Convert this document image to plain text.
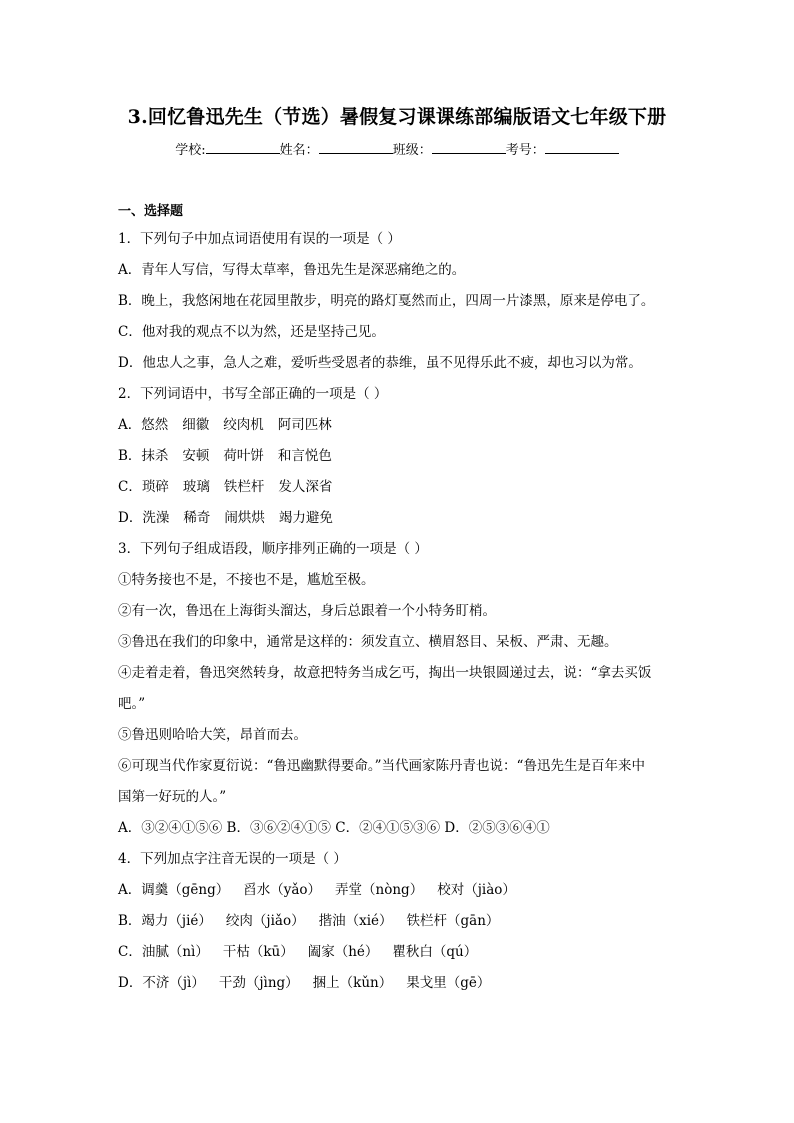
3.回忆鲁迅先生（节选）暑假复习课课练部编版语文七年级下册
学校:	姓名：	班级：	考号：
一、选择题
1．下列句子中加点词语使用有误的一项是（ ）
A．青年人写信，写得太草率，鲁迅先生是深恶痛绝之的。
B．晚上，我悠闲地在花园里散步，明亮的路灯戛然而止，四周一片漆黑，原来是停电了。
C．他对我的观点不以为然，还是坚持己见。
D．他忠人之事，急人之难，爱听些受恩者的恭维，虽不见得乐此不疲，却也习以为常。
2．下列词语中，书写全部正确的一项是（ ）
A．悠然 细徽 绞肉机 阿司匹林
B．抹杀 安顿 荷叶饼 和言悦色
C．琐碎 玻璃 铁栏杆 发人深省
D．洗澡 稀奇 闹烘烘 竭力避免
3．下列句子组成语段，顺序排列正确的一项是（ ）
①特务接也不是，不接也不是，尴尬至极。
②有一次，鲁迅在上海街头溜达，身后总跟着一个小特务盯梢。
③鲁迅在我们的印象中，通常是这样的：须发直立、横眉怒目、呆板、严肃、无趣。
④走着走着，鲁迅突然转身，故意把特务当成乞丐，掏出一块银圆递过去，说：“拿去买饭
吧。”
⑤鲁迅则哈哈大笑，昂首而去。
⑥可现当代作家夏衍说：“鲁迅幽默得要命。”当代画家陈丹青也说：“鲁迅先生是百年来中
国第一好玩的人。”
A．③②④①⑤⑥ B．③⑥②④①⑤ C．②④①⑤③⑥ D．②⑤③⑥④①
4．下列加点字注音无误的一项是（ ）
A．调羹（gēng） 舀水（yǎo） 弄堂（nòng） 校对（jiào）
B．竭力（jié） 绞肉（jiǎo） 揩油（xié） 铁栏杆（gān）
C．油腻（nì） 干枯（kū） 阖家（hé） 瞿秋白（qú）
D．不济（jì） 干劲（jìng） 捆上（kǔn） 果戈里（gē）
